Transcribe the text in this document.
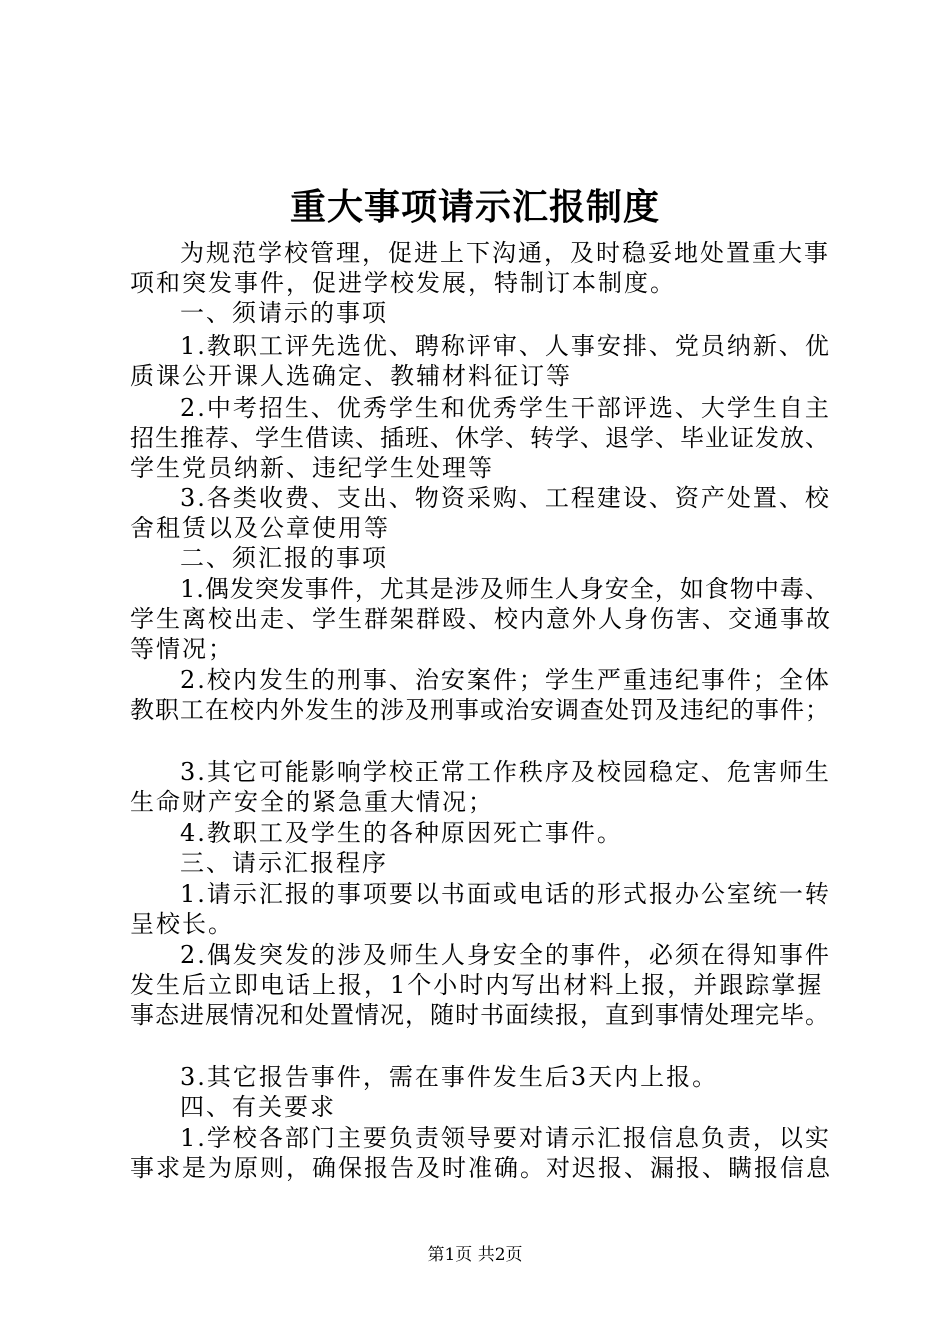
重大事项请示汇报制度
为规范学校管理，促进上下沟通，及时稳妥地处置重大事
项和突发事件，促进学校发展，特制订本制度。
一、须请示的事项
1.教职工评先选优、聘称评审、人事安排、党员纳新、优
质课公开课人选确定、教辅材料征订等
2.中考招生、优秀学生和优秀学生干部评选、大学生自主
招生推荐、学生借读、插班、休学、转学、退学、毕业证发放、
学生党员纳新、违纪学生处理等
3.各类收费、支出、物资采购、工程建设、资产处置、校
舍租赁以及公章使用等
二、须汇报的事项
1.偶发突发事件，尤其是涉及师生人身安全，如食物中毒、
学生离校出走、学生群架群殴、校内意外人身伤害、交通事故
等情况；
2.校内发生的刑事、治安案件；学生严重违纪事件；全体
教职工在校内外发生的涉及刑事或治安调查处罚及违纪的事件；
3.其它可能影响学校正常工作秩序及校园稳定、危害师生
生命财产安全的紧急重大情况；
4.教职工及学生的各种原因死亡事件。
三、请示汇报程序
1.请示汇报的事项要以书面或电话的形式报办公室统一转
呈校长。
2.偶发突发的涉及师生人身安全的事件，必须在得知事件
发生后立即电话上报，1个小时内写出材料上报，并跟踪掌握
事态进展情况和处置情况，随时书面续报，直到事情处理完毕。
3.其它报告事件，需在事件发生后3天内上报。
四、有关要求
1.学校各部门主要负责领导要对请示汇报信息负责，以实
事求是为原则，确保报告及时准确。对迟报、漏报、瞒报信息
第1页 共2页
